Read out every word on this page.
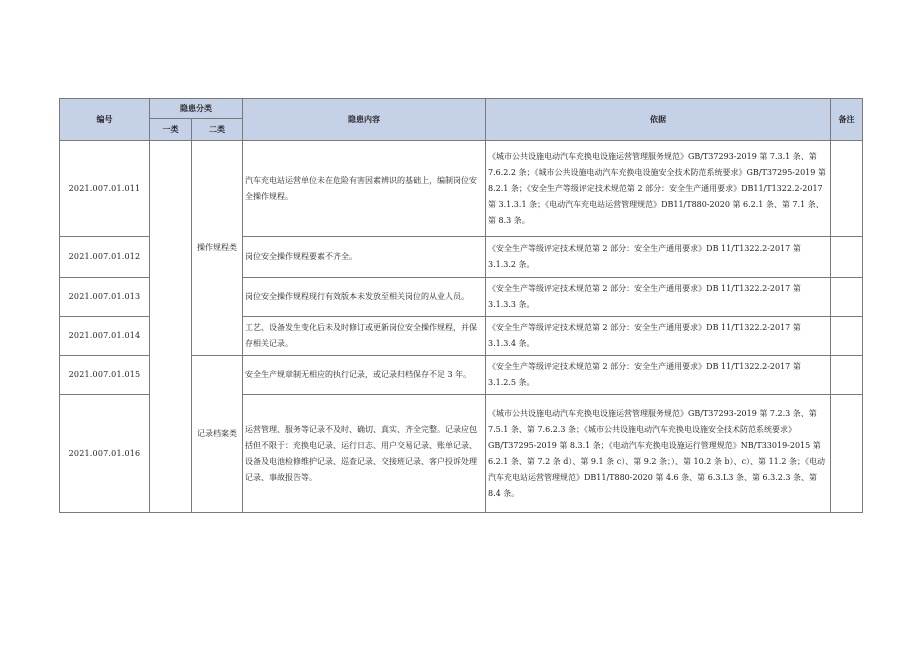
编号	隐患分类		隐患内容	依据	备注
	一类	二类			
2021.007.01.011		操作规程类	汽车充电站运营单位未在危险有害因素辨识的基础上，编制岗位安全操作规程。	《城市公共设施电动汽车充换电设施运营管理服务规范》GB/T37293-2019 第 7.3.1 条、第 7.6.2.2 条；《城市公共设施电动汽车充换电设施安全技术防范系统要求》GB/T37295-2019 第 8.2.1 条；《安全生产等级评定技术规范第 2 部分：安全生产通用要求》DB11/T1322.2-2017 第 3.1.3.1 条；《电动汽车充电站运营管理规范》DB11/T880-2020 第 6.2.1 条、第 7.1 条、第 8.3 条。	
2021.007.01.012			岗位安全操作规程要素不齐全。	《安全生产等级评定技术规范第 2 部分：安全生产通用要求》DB 11/T1322.2-2017 第 3.1.3.2 条。	
2021.007.01.013			岗位安全操作规程现行有效版本未发放至相关岗位的从业人员。	《安全生产等级评定技术规范第 2 部分：安全生产通用要求》DB 11/T1322.2-2017 第 3.1.3.3 条。	
2021.007.01.014			工艺、设备发生变化后未及时修订或更新岗位安全操作规程，并保存相关记录。	《安全生产等级评定技术规范第 2 部分：安全生产通用要求》DB 11/T1322.2-2017 第 3.1.3.4 条。	
2021.007.01.015		记录档案类	安全生产规章制无相应的执行记录，或记录归档保存不足 3 年。	《安全生产等级评定技术规范第 2 部分：安全生产通用要求》DB 11/T1322.2-2017 第 3.1.2.5 条。	
2021.007.01.016			运营管理、服务等记录不及时、确切、真实、齐全完整。记录应包括但不限于：充换电记录、运行日志、用户交易记录、账单记录、设备及电池检修维护记录、巡查记录、交接班记录、客户投诉处理记录、事故报告等。	《城市公共设施电动汽车充换电设施运营管理服务规范》GB/T37293-2019 第 7.2.3 条、第 7.5.1 条、第 7.6.2.3 条；《城市公共设施电动汽车充换电设施安全技术防范系统要求》GB/T37295-2019 第 8.3.1 条；《电动汽车充换电设施运行管理规范》NB/T33019-2015 第 6.2.1 条、第 7.2 条 d）、第 9.1 条 c）、第 9.2 条；）、第 10.2 条 b）、c）、第 11.2 条；《电动汽车充电站运营管理规范》DB11/T880-2020 第 4.6 条、第 6.3.L3 条、第 6.3.2.3 条、第 8.4 条。	
